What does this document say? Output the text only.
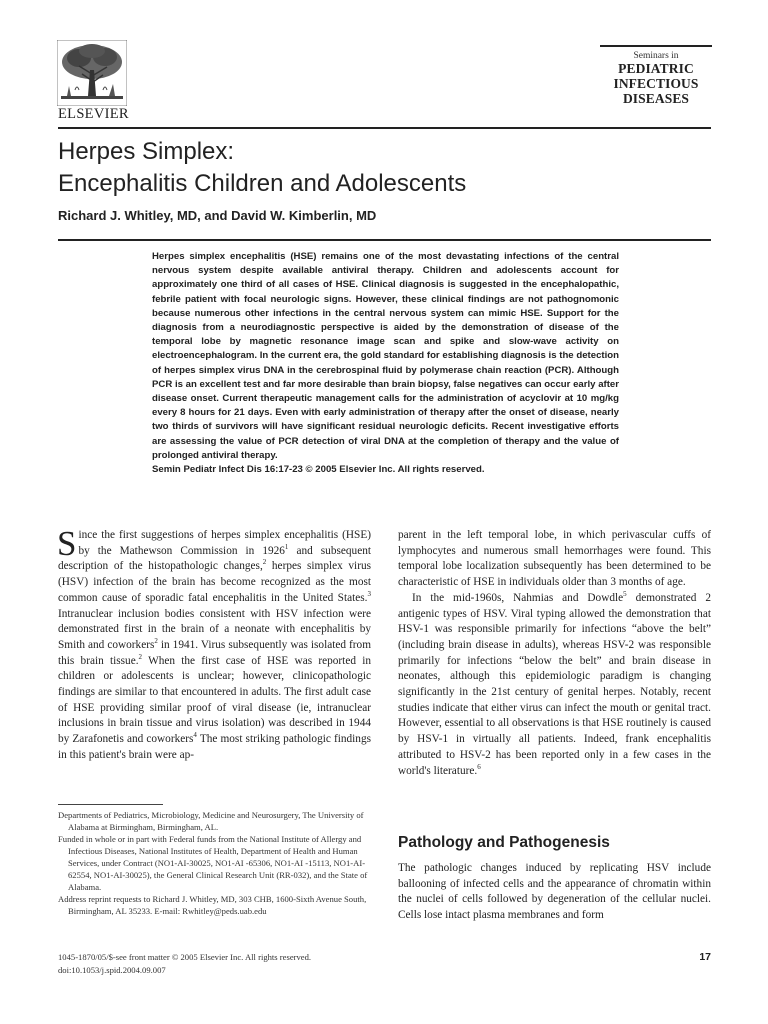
ELSEVIER
Seminars in
PEDIATRIC
INFECTIOUS
DISEASES
Herpes Simplex:
Encephalitis Children and Adolescents
Richard J. Whitley, MD, and David W. Kimberlin, MD

Herpes simplex encephalitis (HSE) remains one of the most devastating infections of the central nervous system despite available antiviral therapy. Children and adolescents account for approximately one third of all cases of HSE. Clinical diagnosis is suggested in the encephalopathic, febrile patient with focal neurologic signs. However, these clinical findings are not pathognomonic because numerous other infections in the central nervous system can mimic HSE. Support for the diagnosis from a neurodiagnostic perspective is aided by the demonstration of disease of the temporal lobe by magnetic resonance image scan and spike and slow-wave activity on electroencephalogram. In the current era, the gold standard for establishing diagnosis is the detection of herpes simplex virus DNA in the cerebrospinal fluid by polymerase chain reaction (PCR). Although PCR is an excellent test and far more desirable than brain biopsy, false negatives can occur early after disease onset. Current therapeutic management calls for the administration of acyclovir at 10 mg/kg every 8 hours for 21 days. Even with early administration of therapy after the onset of disease, nearly two thirds of survivors will have significant residual neurologic deficits. Recent investigative efforts are assessing the value of PCR detection of viral DNA at the completion of therapy and the value of prolonged antiviral therapy.

Semin Pediatr Infect Dis 16:17-23 © 2005 Elsevier Inc. All rights reserved.

Since the first suggestions of herpes simplex encephalitis (HSE) by the Mathewson Commission in 1926$^1$ and subsequent description of the histopathologic changes,$^2$ herpes simplex virus (HSV) infection of the brain has become recognized as the most common cause of sporadic fatal encephalitis in the United States.$^3$ Intranuclear inclusion bodies consistent with HSV infection were demonstrated first in the brain of a neonate with encephalitis by Smith and coworkers$^2$ in 1941. Virus subsequently was isolated from this brain tissue.$^2$ When the first case of HSE was reported in children or adolescents is unclear; however, clinicopathologic findings are similar to that encountered in adults. The first adult case of HSE providing similar proof of viral disease (ie, intranuclear inclusions in brain tissue and virus isolation) was described in 1944 by Zarafonetis and coworkers$^4$ The most striking pathologic findings in this patient's brain were ap-

Departments of Pediatrics, Microbiology, Medicine and Neurosurgery, The University of Alabama at Birmingham, Birmingham, AL.

Funded in whole or in part with Federal funds from the National Institute of Allergy and Infectious Diseases, National Institutes of Health, Department of Health and Human Services, under Contract (NO1-AI-30025, NO1-AI -65306, NO1-AI -15113, NO1-AI-62554, NO1-AI-30025), the General Clinical Research Unit (RR-032), and the State of Alabama.

Address reprint requests to Richard J. Whitley, MD, 303 CHB, 1600-Sixth Avenue South, Birmingham, AL 35233. E-mail: Rwhitley@peds.uab.edu

parent in the left temporal lobe, in which perivascular cuffs of lymphocytes and numerous small hemorrhages were found. This temporal lobe localization subsequently has been determined to be characteristic of HSE in individuals older than 3 months of age.

In the mid-1960s, Nahmias and Dowdle$^5$ demonstrated 2 antigenic types of HSV. Viral typing allowed the demonstration that HSV-1 was responsible primarily for infections “above the belt” (including brain disease in adults), whereas HSV-2 was responsible primarily for infections “below the belt” and brain disease in neonates, although this epidemiologic paradigm is changing significantly in the 21st century of genital herpes. Notably, recent studies indicate that either virus can infect the mouth or genital tract. However, essential to all observations is that HSE routinely is caused by HSV-1 in virtually all patients. Indeed, frank encephalitis attributed to HSV-2 has been reported only in a few cases in the world's literature.$^6$

Pathology and Pathogenesis

The pathologic changes induced by replicating HSV include ballooning of infected cells and the appearance of chromatin within the nuclei of cells followed by degeneration of the cellular nuclei. Cells lose intact plasma membranes and form

1045-1870/05/$-see front matter © 2005 Elsevier Inc. All rights reserved.
doi:10.1053/j.spid.2004.09.007
17
